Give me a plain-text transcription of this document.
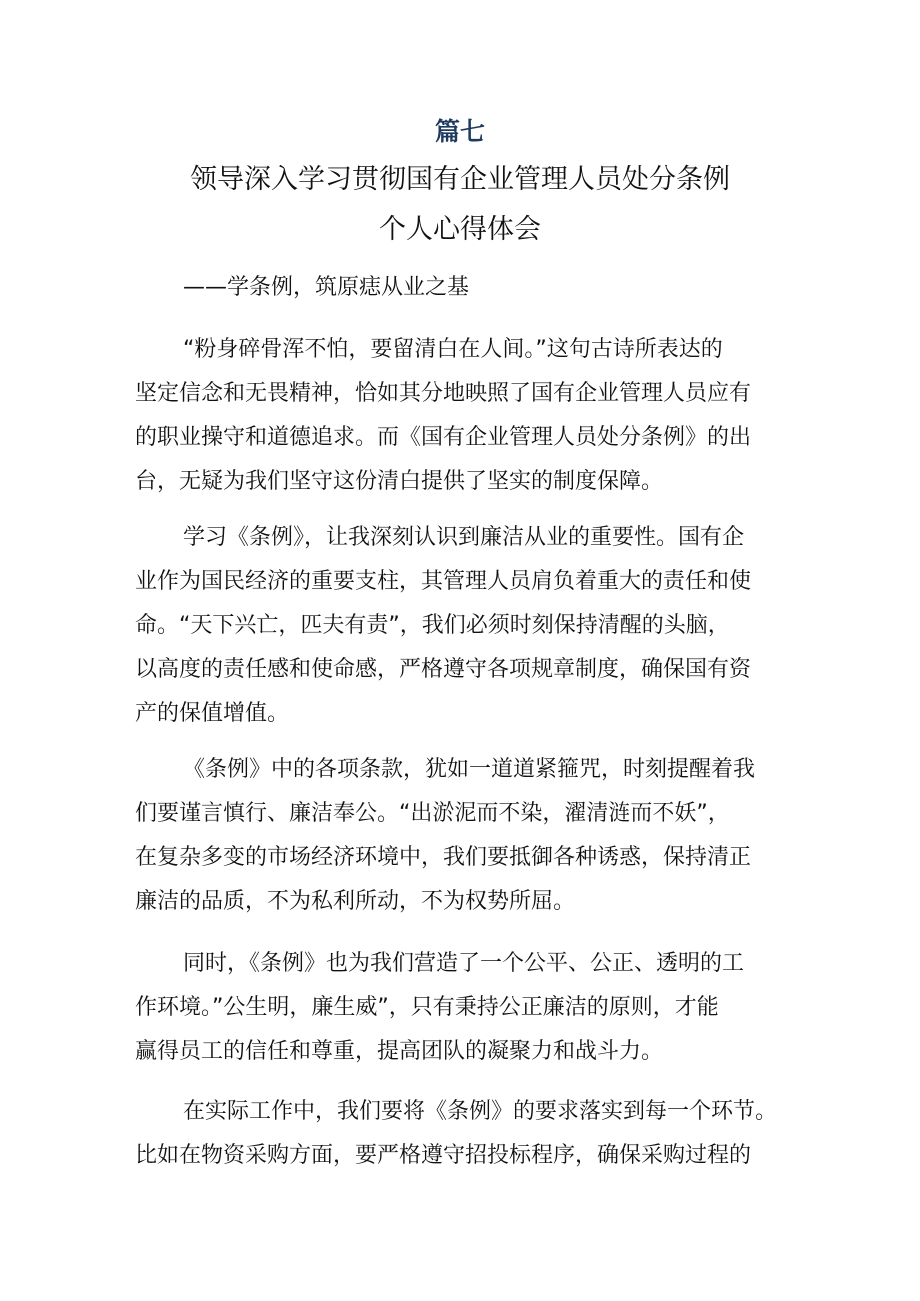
篇七
领导深入学习贯彻国有企业管理人员处分条例
个人心得体会
——学条例，筑原痣从业之基
“粉身碎骨浑不怕，要留清白在人间。”这句古诗所表达的
坚定信念和无畏精神，恰如其分地映照了国有企业管理人员应有
的职业操守和道德追求。而《国有企业管理人员处分条例》的出
台，无疑为我们坚守这份清白提供了坚实的制度保障。
学习《条例》，让我深刻认识到廉洁从业的重要性。国有企
业作为国民经济的重要支柱，其管理人员肩负着重大的责任和使
命。“天下兴亡，匹夫有责”，我们必须时刻保持清醒的头脑，
以高度的责任感和使命感，严格遵守各项规章制度，确保国有资
产的保值增值。
《条例》中的各项条款，犹如一道道紧箍咒，时刻提醒着我
们要谨言慎行、廉洁奉公。“出淤泥而不染，濯清涟而不妖”，
在复杂多变的市场经济环境中，我们要抵御各种诱惑，保持清正
廉洁的品质，不为私利所动，不为权势所屈。
同时，《条例》也为我们营造了一个公平、公正、透明的工
作环境。”公生明，廉生威”，只有秉持公正廉洁的原则，才能
赢得员工的信任和尊重，提高团队的凝聚力和战斗力。
在实际工作中，我们要将《条例》的要求落实到每一个环节。
比如在物资采购方面，要严格遵守招投标程序，确保采购过程的
